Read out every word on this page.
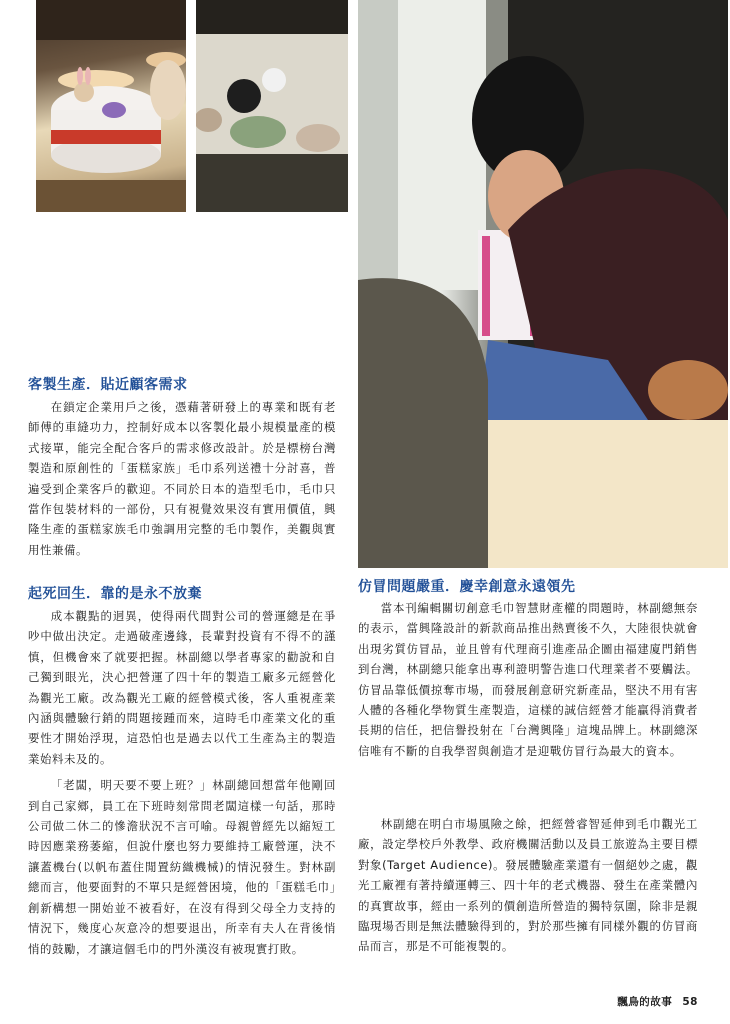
客製生產．貼近顧客需求

在鎖定企業用戶之後，憑藉著研發上的專業和既有老師傅的車縫功力，控制好成本以客製化最小規模量產的模式接單，能完全配合客戶的需求修改設計。於是標榜台灣製造和原創性的「蛋糕家族」毛巾系列送禮十分討喜，普遍受到企業客戶的歡迎。不同於日本的造型毛巾，毛巾只當作包裝材料的一部份，只有視覺效果沒有實用價值，興隆生產的蛋糕家族毛巾強調用完整的毛巾製作，美觀與實用性兼備。

起死回生．靠的是永不放棄

成本觀點的迥異，使得兩代間對公司的營運總是在爭吵中做出決定。走過破產邊緣，長輩對投資有不得不的謹慎，但機會來了就要把握。林副總以學者專家的勸說和自己獨到眼光，決心把營運了四十年的製造工廠多元經營化為觀光工廠。改為觀光工廠的經營模式後，客人重視產業內涵與體驗行銷的問題接踵而來，這時毛巾產業文化的重要性才開始浮現，這恐怕也是過去以代工生產為主的製造業始料未及的。

「老闆，明天要不要上班？」林副總回想當年他剛回到自己家鄉，員工在下班時刻常問老闆這樣一句話，那時公司做二休二的慘澹狀況不言可喻。母親曾經先以縮短工時因應業務萎縮，但說什麼也努力要維持工廠營運，決不讓蓋機台(以帆布蓋住閒置紡織機械)的情況發生。對林副總而言，他要面對的不單只是經營困境，他的「蛋糕毛巾」創新構想一開始並不被看好，在沒有得到父母全力支持的情況下，幾度心灰意冷的想要退出，所幸有夫人在背後悄悄的鼓勵，才讓這個毛巾的門外漢沒有被現實打敗。

仿冒問題嚴重．慶幸創意永遠領先

當本刊編輯關切創意毛巾智慧財產權的問題時，林副總無奈的表示，當興隆設計的新款商品推出熱賣後不久，大陸很快就會出現劣質仿冒品，並且曾有代理商引進產品企圖由福建廈門銷售到台灣，林副總只能拿出專利證明警告進口代理業者不要觸法。仿冒品靠低價掠奪市場，而發展創意研究新產品，堅決不用有害人體的各種化學物質生產製造，這樣的誠信經營才能贏得消費者長期的信任，把信譽投射在「台灣興隆」這塊品牌上。林副總深信唯有不斷的自我學習與創造才是迎戰仿冒行為最大的資本。

林副總在明白市場風險之餘，把經營睿智延伸到毛巾觀光工廠，設定學校戶外教學、政府機關活動以及員工旅遊為主要目標對象(Target Audience)。發展體驗產業還有一個絕妙之處，觀光工廠裡有著持續運轉三、四十年的老式機器、發生在產業體內的真實故事，經由一系列的價創造所營造的獨特氛圍，除非是親臨現場否則是無法體驗得到的，對於那些擁有同樣外觀的仿冒商品而言，那是不可能複製的。

飄鳥的故事 58
